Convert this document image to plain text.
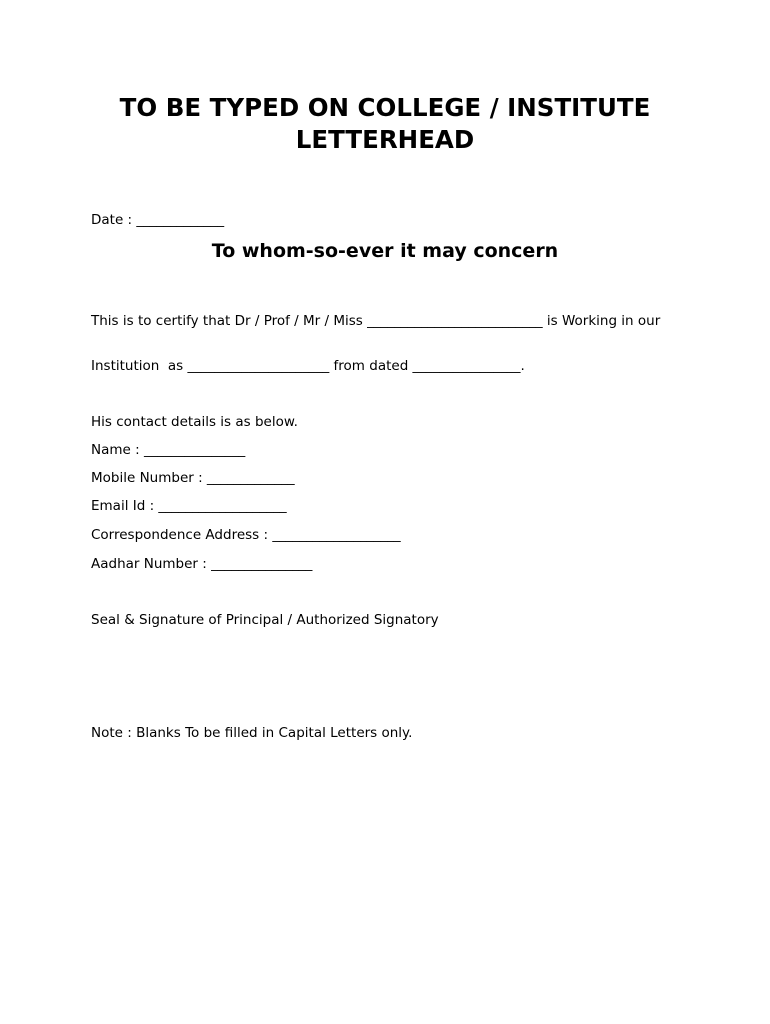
TO BE TYPED ON COLLEGE / INSTITUTE
LETTERHEAD

Date : _____________

To whom-so-ever it may concern

This is to certify that Dr / Prof / Mr / Miss __________________________ is Working in our

Institution  as _____________________ from dated ________________.

His contact details is as below.

Name : _______________

Mobile Number : _____________

Email Id : ___________________

Correspondence Address : ___________________

Aadhar Number : _______________

Seal & Signature of Principal / Authorized Signatory

Note : Blanks To be filled in Capital Letters only.
